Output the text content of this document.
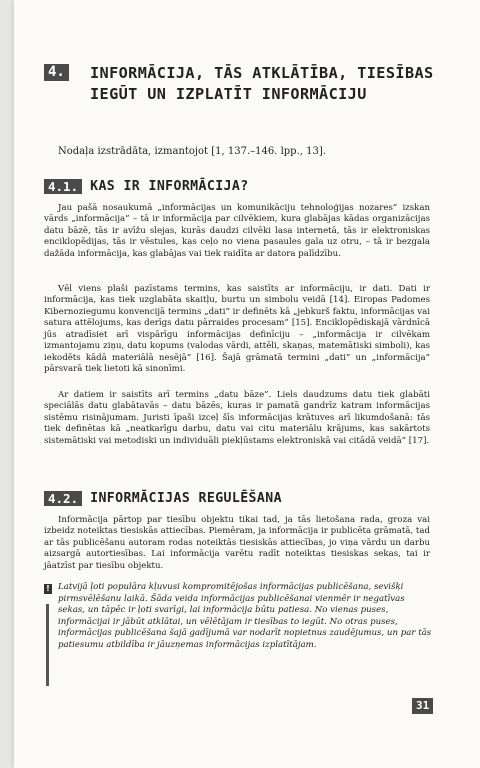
4. INFORMĀCIJA, TĀS ATKLĀTĪBA, TIESĪBAS IEGŪT UN IZPLATĪT INFORMĀCIJU
Nodaļa izstrādāta, izmantojot [1, 137.–146. lpp., 13].
4.1. KAS IR INFORMĀCIJA?

Jau pašā nosaukumā „informācijas un komunikāciju tehnoloģijas nozares” izskan vārds „informācija” – tā ir informācija par cilvēkiem, kura glabājas kādas organizācijas datu bāzē, tās ir avīžu slejas, kurās daudzi cilvēki lasa internetā, tās ir elektroniskas enciklopēdijas, tās ir vēstules, kas ceļo no viena pasaules gala uz otru, – tā ir bezgala dažāda informācija, kas glabājas vai tiek raidīta ar datora palīdzību.

Vēl viens plaši pazīstams termins, kas saistīts ar informāciju, ir dati. Dati ir informācija, kas tiek uzglabāta skaitļu, burtu un simbolu veidā [14]. Eiropas Padomes Kibernoziegumu konvencijā termins „dati” ir definēts kā „jebkurš faktu, informācijas vai satura attēlojums, kas derīgs datu pārraides procesam” [15]. Enciklopēdiskajā vārdnīcā jūs atradīsiet arī vispārīgu informācijas definīciju – „informācija ir cilvēkam izmantojamu ziņu, datu kopums (valodas vārdi, attēli, skaņas, matemātiski simboli), kas iekodēts kādā materiālā nesējā” [16]. Šajā grāmatā termini „dati” un „informācija” pārsvarā tiek lietoti kā sinonīmi.

Ar datiem ir saistīts arī termins „datu bāze”. Liels daudzums datu tiek glabāti speciālās datu glabātavās – datu bāzēs, kuras ir pamatā gandrīz katram informācijas sistēmu risinājumam. Juristi īpaši izceļ šīs informācijas krātuves arī likumdošanā: tās tiek definētas kā „neatkarīgu darbu, datu vai citu materiālu krājums, kas sakārtots sistemātiski vai metodiski un individuāli piekļūstams elektroniskā vai citādā veidā” [17].

4.2. INFORMĀCIJAS REGULĒŠANA

Informācija pārtop par tiesību objektu tikai tad, ja tās lietošana rada, groza vai izbeidz noteiktas tiesiskās attiecības. Piemēram, ja informācija ir publicēta grāmatā, tad ar tās publicēšanu autoram rodas noteiktās tiesiskās attiecības, jo viņa vārdu un darbu aizsargā autortiesības. Lai informācija varētu radīt noteiktas tiesiskas sekas, tai ir jāatzīst par tiesību objektu.

! Latvijā ļoti populāra kļuvusi kompromitējošas informācijas publicēšana, sevišķi pirmsvēlēšanu laikā. Šāda veida informācijas publicēšanai vienmēr ir negatīvas sekas, un tāpēc ir ļoti svarīgi, lai informācija būtu patiesa. No vienas puses, informācijai ir jābūt atklātai, un vēlētājam ir tiesības to iegūt. No otras puses, informācijas publicēšana šajā gadījumā var nodarīt nopietnus zaudējumus, un par tās patiesumu atbildība ir jāuzņemas informācijas izplatītājam.

31
